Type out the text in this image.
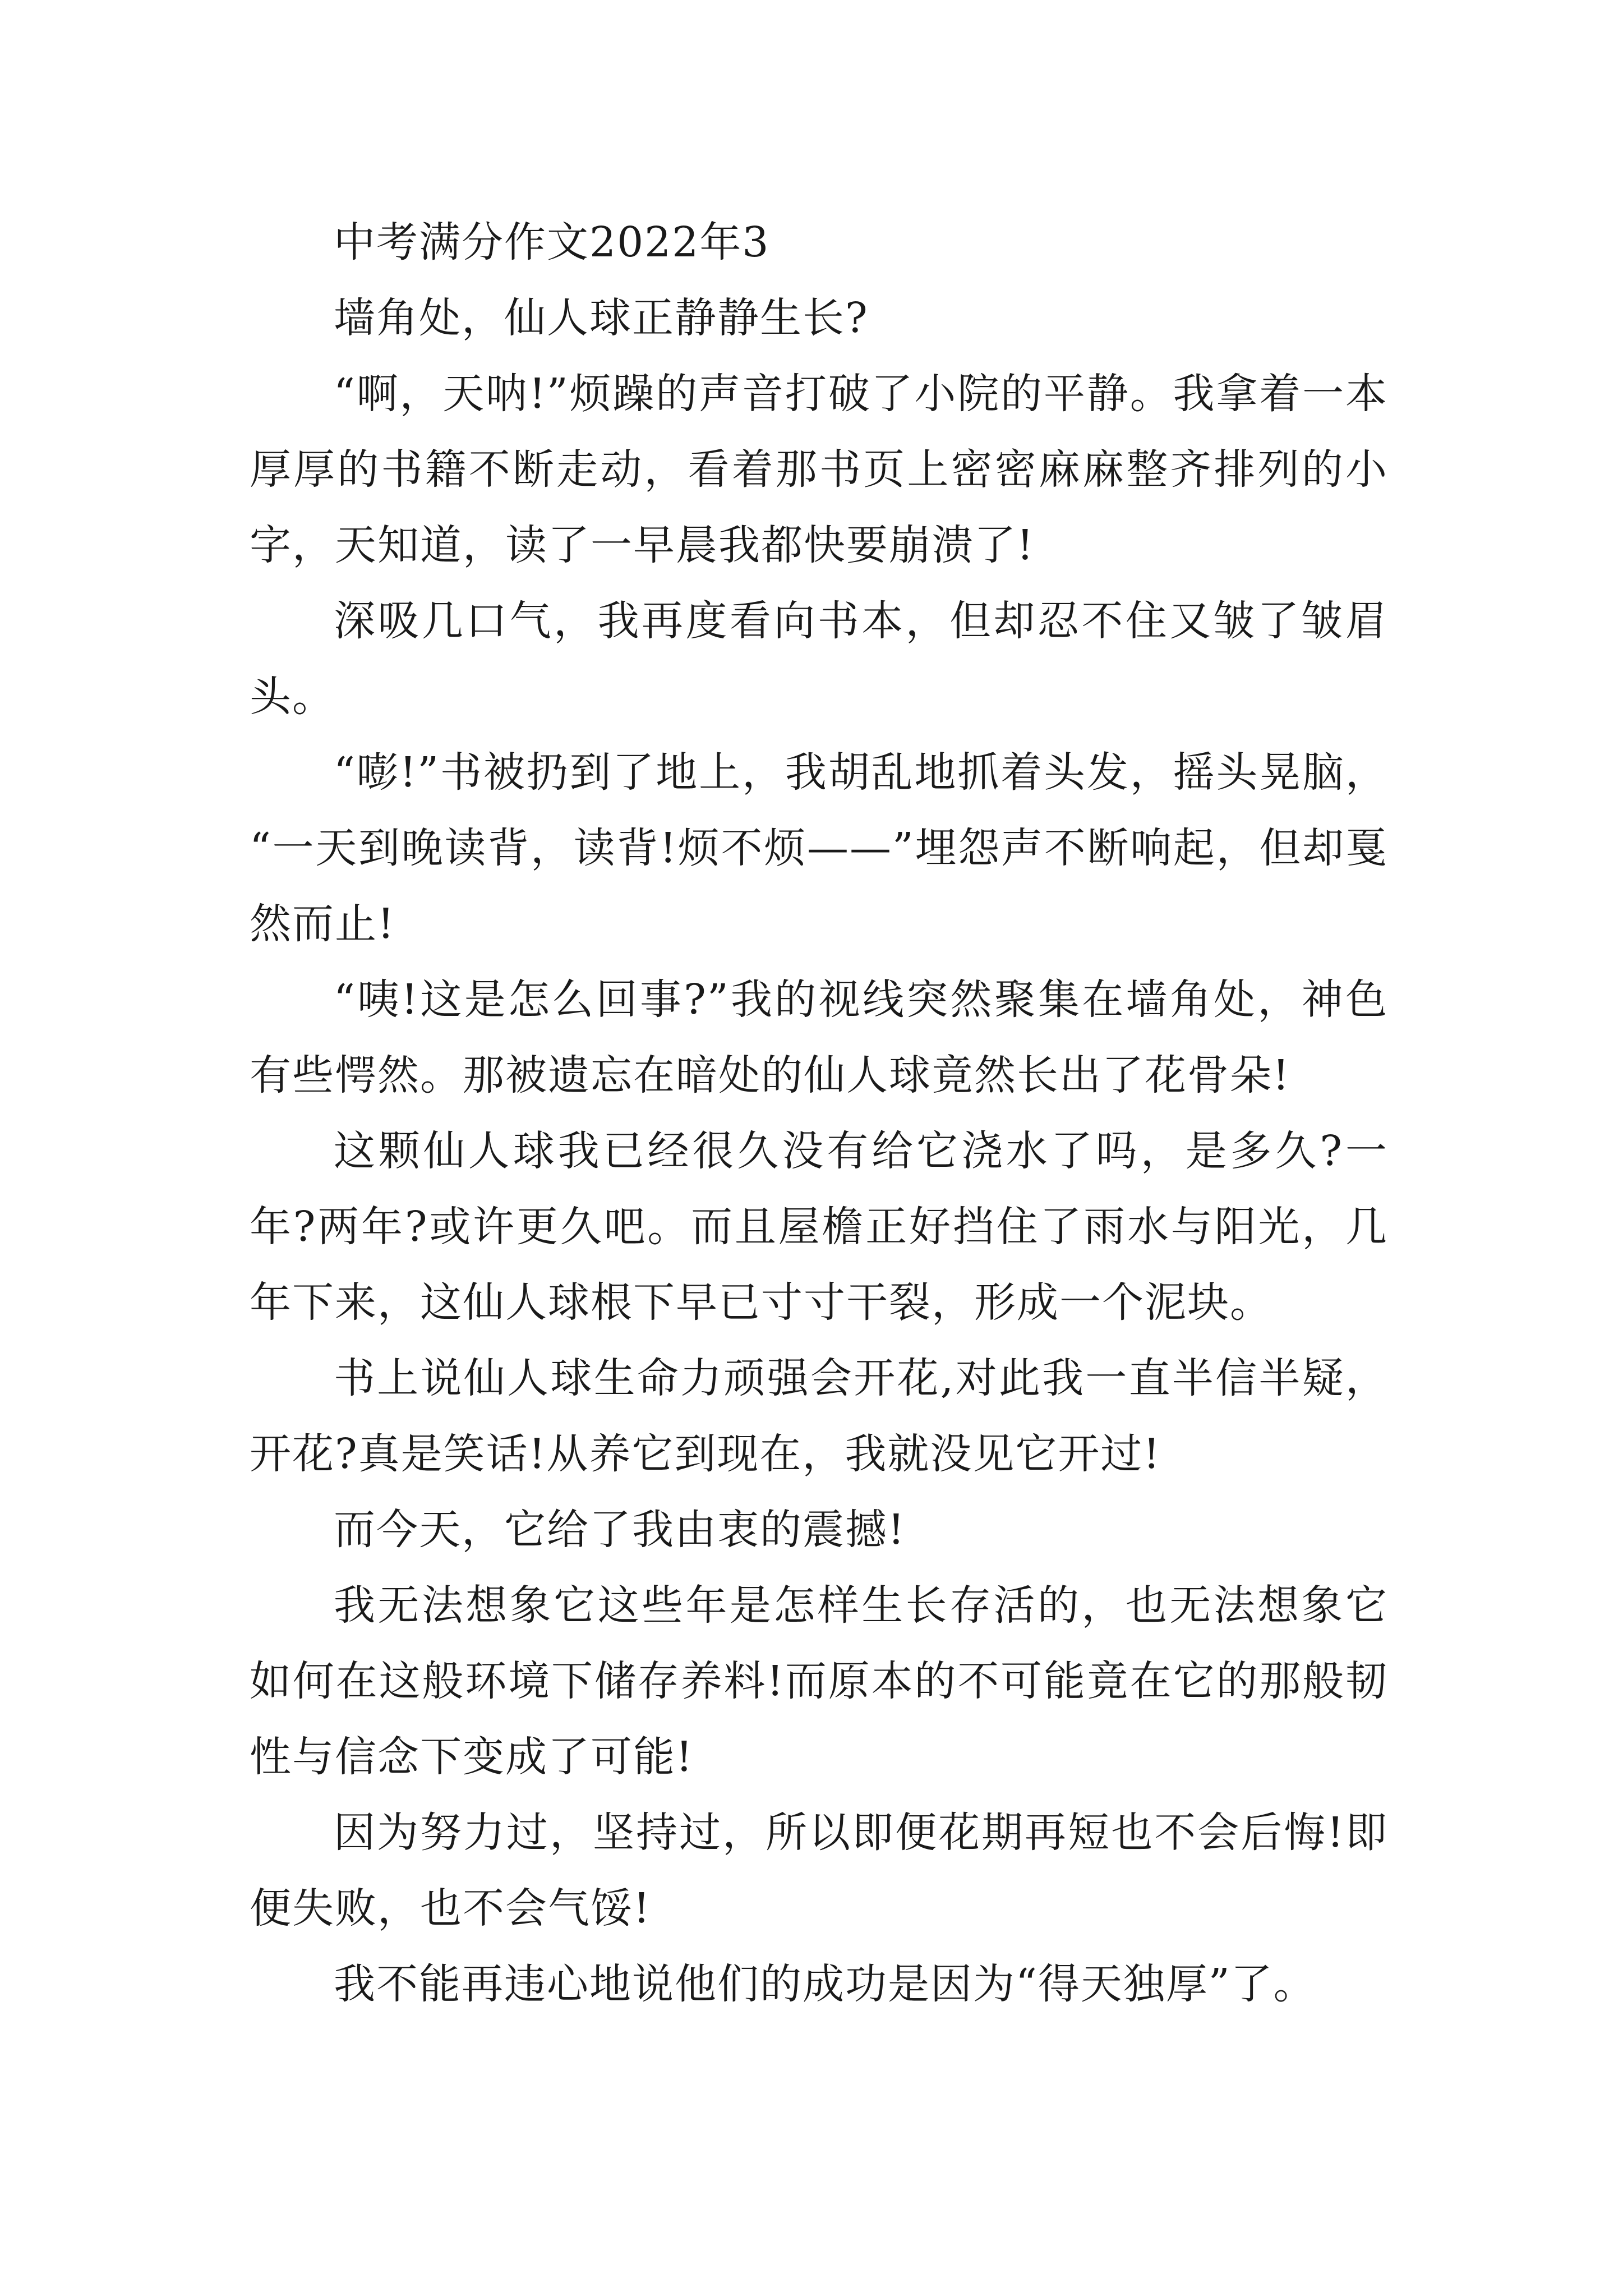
中考满分作文2022年3

墙角处，仙人球正静静生长?

“啊，天呐!”烦躁的声音打破了小院的平静。我拿着一本厚厚的书籍不断走动，看着那书页上密密麻麻整齐排列的小字，天知道，读了一早晨我都快要崩溃了!

深吸几口气，我再度看向书本，但却忍不住又皱了皱眉头。

“嘭!”书被扔到了地上，我胡乱地抓着头发，摇头晃脑， “一天到晚读背，读背!烦不烦——”埋怨声不断响起，但却戛然而止!

“咦!这是怎么回事?”我的视线突然聚集在墙角处，神色有些愕然。那被遗忘在暗处的仙人球竟然长出了花骨朵!

这颗仙人球我已经很久没有给它浇水了吗，是多久?一年?两年?或许更久吧。而且屋檐正好挡住了雨水与阳光，几年下来，这仙人球根下早已寸寸干裂，形成一个泥块。

书上说仙人球生命力顽强会开花,对此我一直半信半疑，开花?真是笑话!从养它到现在，我就没见它开过!

而今天，它给了我由衷的震撼!

我无法想象它这些年是怎样生长存活的，也无法想象它如何在这般环境下储存养料!而原本的不可能竟在它的那般韧性与信念下变成了可能!

因为努力过，坚持过，所以即便花期再短也不会后悔!即便失败，也不会气馁!

我不能再违心地说他们的成功是因为“得天独厚”了。
